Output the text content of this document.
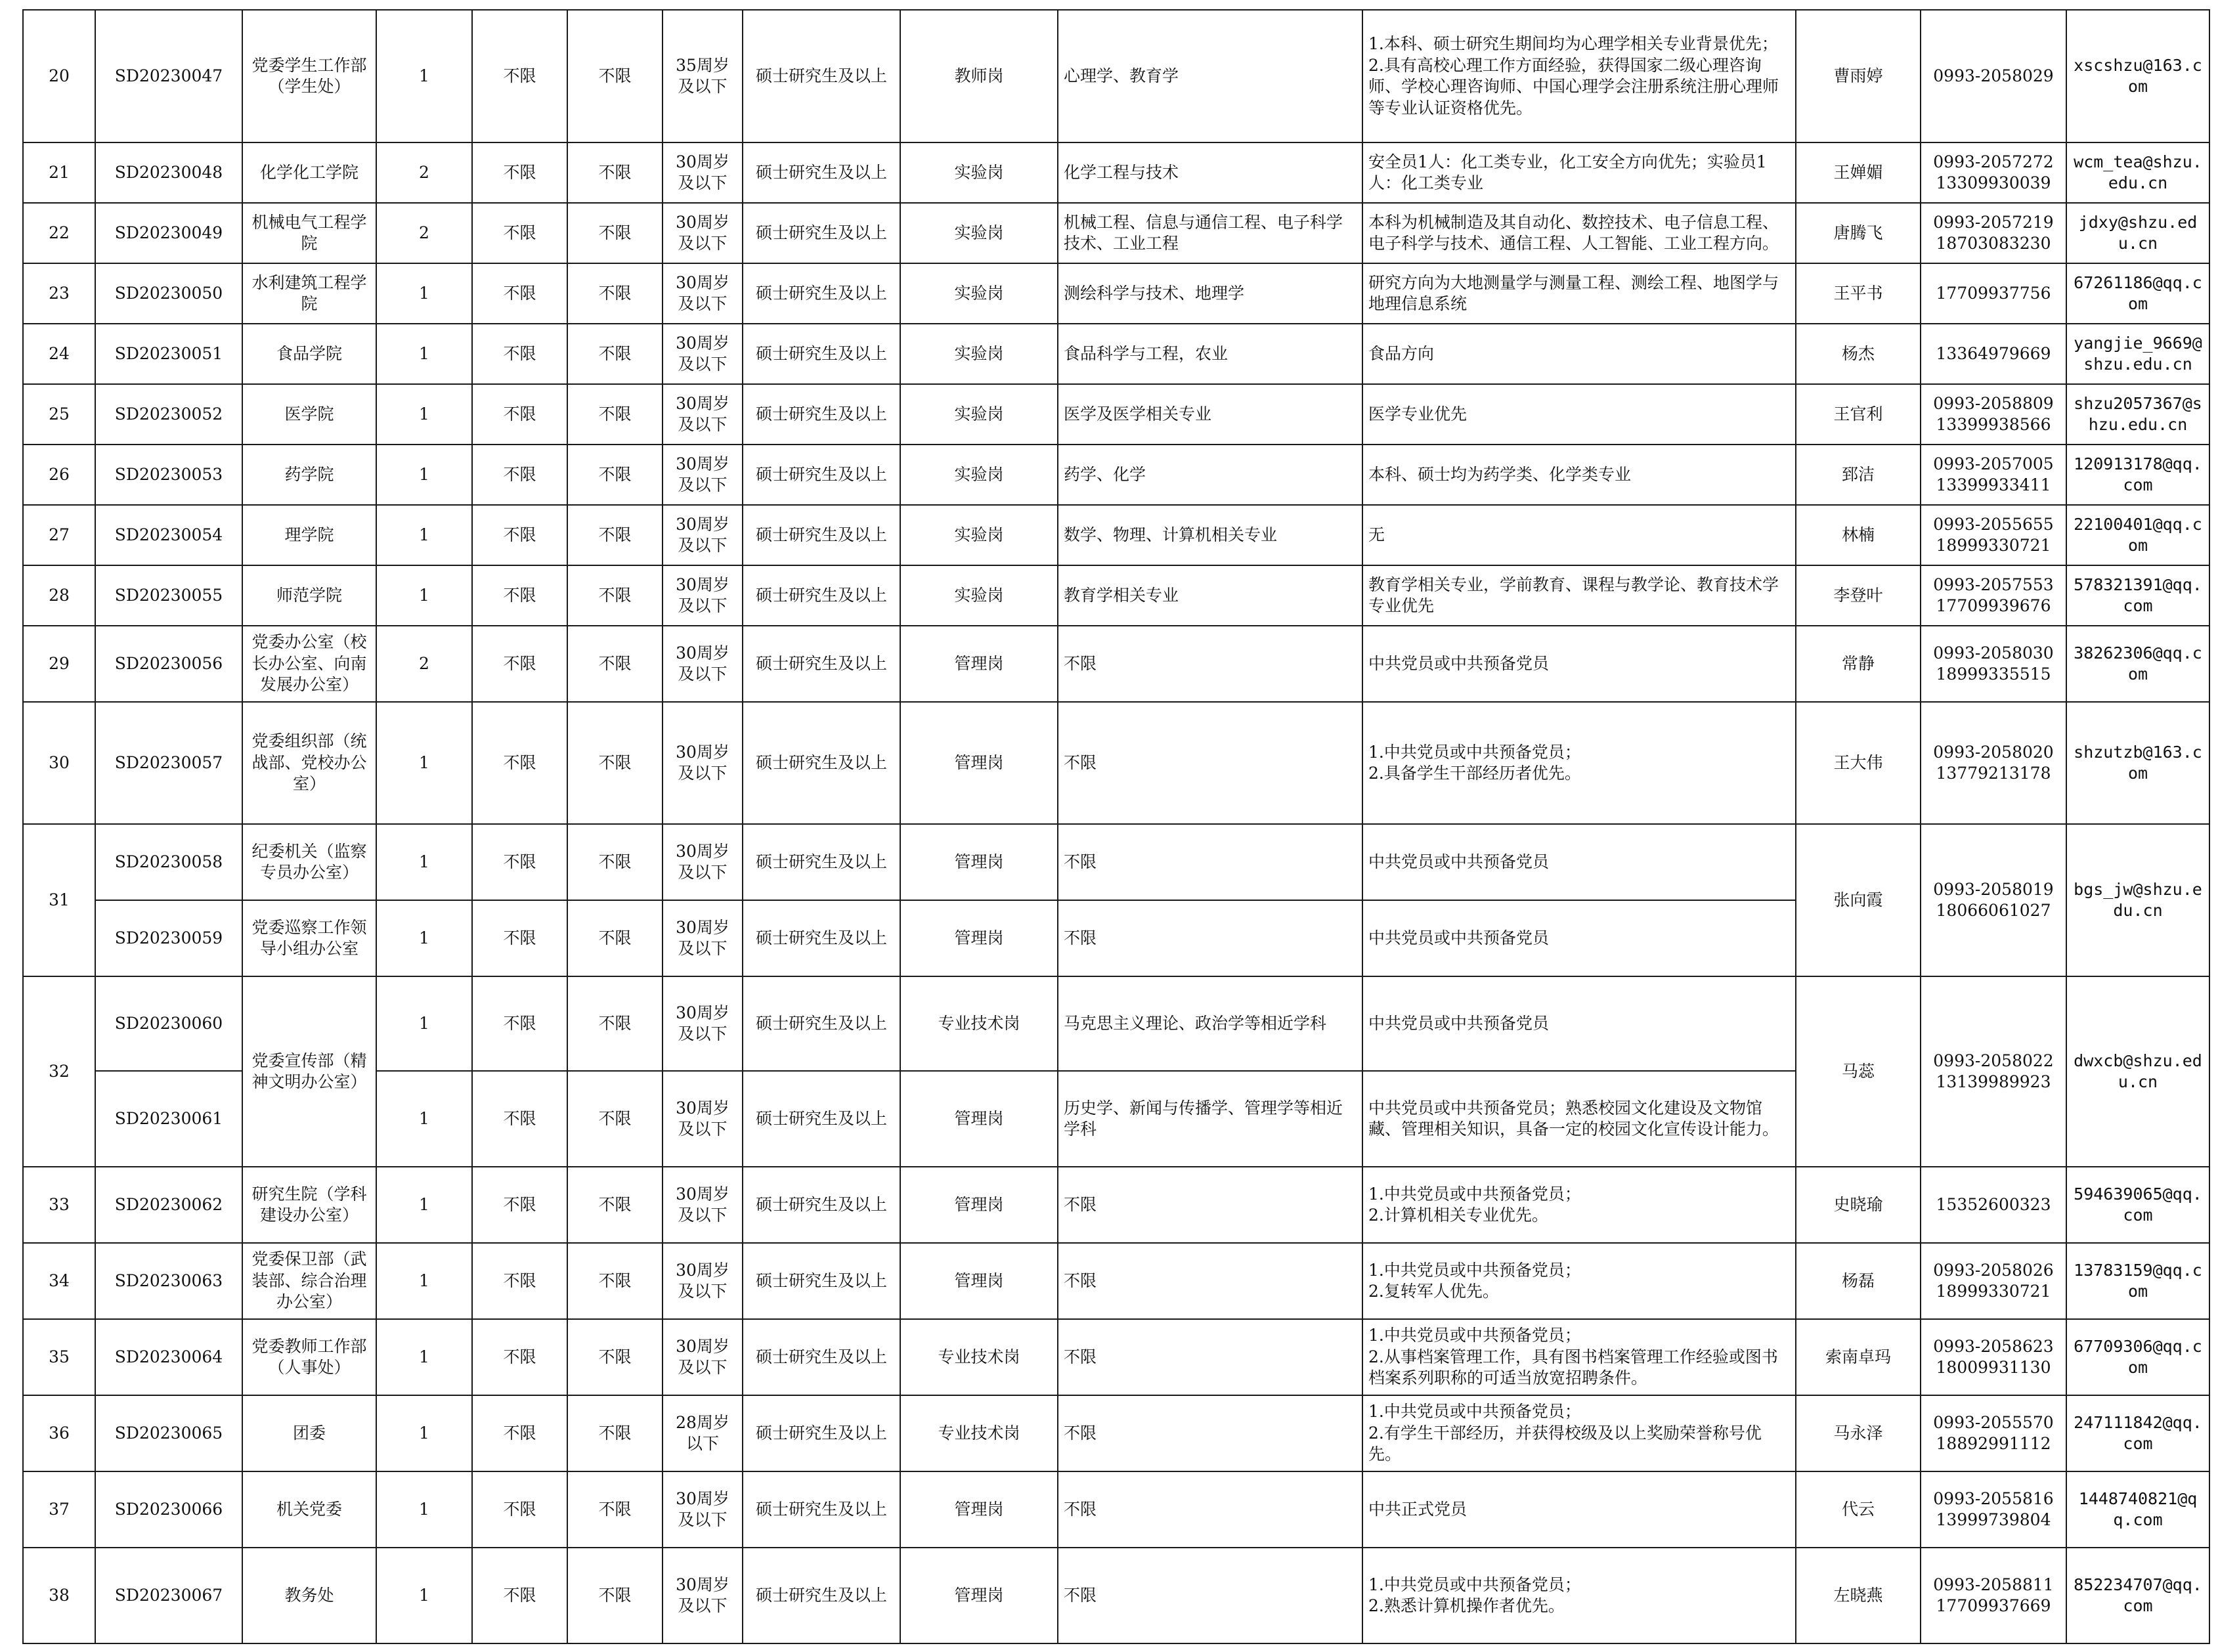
20	SD20230047	党委学生工作部（学生处）	1	不限	不限	35周岁及以下	硕士研究生及以上	教师岗	心理学、教育学	1.本科、硕士研究生期间均为心理学相关专业背景优先；
2.具有高校心理工作方面经验，获得国家二级心理咨询师、学校心理咨询师、中国心理学会注册系统注册心理师等专业认证资格优先。	曹雨婷	0993-2058029	xscshzu@163.com
21	SD20230048	化学化工学院	2	不限	不限	30周岁及以下	硕士研究生及以上	实验岗	化学工程与技术	安全员1人：化工类专业，化工安全方向优先；实验员1人：化工类专业	王婵媚	0993-2057272
13309930039	wcm_tea@shzu.edu.cn
22	SD20230049	机械电气工程学院	2	不限	不限	30周岁及以下	硕士研究生及以上	实验岗	机械工程、信息与通信工程、电子科学技术、工业工程	本科为机械制造及其自动化、数控技术、电子信息工程、电子科学与技术、通信工程、人工智能、工业工程方向。	唐腾飞	0993-2057219
18703083230	jdxy@shzu.edu.cn
23	SD20230050	水利建筑工程学院	1	不限	不限	30周岁及以下	硕士研究生及以上	实验岗	测绘科学与技术、地理学	研究方向为大地测量学与测量工程、测绘工程、地图学与地理信息系统	王平书	17709937756	67261186@qq.com
24	SD20230051	食品学院	1	不限	不限	30周岁及以下	硕士研究生及以上	实验岗	食品科学与工程，农业	食品方向	杨杰	13364979669	yangjie_9669@shzu.edu.cn
25	SD20230052	医学院	1	不限	不限	30周岁及以下	硕士研究生及以上	实验岗	医学及医学相关专业	医学专业优先	王官利	0993-2058809
13399938566	shzu2057367@shzu.edu.cn
26	SD20230053	药学院	1	不限	不限	30周岁及以下	硕士研究生及以上	实验岗	药学、化学	本科、硕士均为药学类、化学类专业	郅洁	0993-2057005
13399933411	120913178@qq.com
27	SD20230054	理学院	1	不限	不限	30周岁及以下	硕士研究生及以上	实验岗	数学、物理、计算机相关专业	无	林楠	0993-2055655
18999330721	22100401@qq.com
28	SD20230055	师范学院	1	不限	不限	30周岁及以下	硕士研究生及以上	实验岗	教育学相关专业	教育学相关专业，学前教育、课程与教学论、教育技术学专业优先	李登叶	0993-2057553
17709939676	578321391@qq.com
29	SD20230056	党委办公室（校长办公室、向南发展办公室）	2	不限	不限	30周岁及以下	硕士研究生及以上	管理岗	不限	中共党员或中共预备党员	常静	0993-2058030
18999335515	38262306@qq.com
30	SD20230057	党委组织部（统战部、党校办公室）	1	不限	不限	30周岁及以下	硕士研究生及以上	管理岗	不限	1.中共党员或中共预备党员；
2.具备学生干部经历者优先。	王大伟	0993-2058020
13779213178	shzutzb@163.com
31	SD20230058	纪委机关（监察专员办公室）	1	不限	不限	30周岁及以下	硕士研究生及以上	管理岗	不限	中共党员或中共预备党员	张向霞	0993-2058019
18066061027	bgs_jw@shzu.edu.cn
	SD20230059	党委巡察工作领导小组办公室	1	不限	不限	30周岁及以下	硕士研究生及以上	管理岗	不限	中共党员或中共预备党员			

32	SD20230060	党委宣传部（精神文明办公室）	1	不限	不限	30周岁及以下	硕士研究生及以上	专业技术岗	马克思主义理论、政治学等相近学科	中共党员或中共预备党员	马蕊	0993-2058022
13139989923	dwxcb@shzu.edu.cn
	SD20230061		1	不限	不限	30周岁及以下	硕士研究生及以上	管理岗	历史学、新闻与传播学、管理学等相近学科	中共党员或中共预备党员；熟悉校园文化建设及文物馆藏、管理相关知识，具备一定的校园文化宣传设计能力。			

33	SD20230062	研究生院（学科建设办公室）	1	不限	不限	30周岁及以下	硕士研究生及以上	管理岗	不限	1.中共党员或中共预备党员；
2.计算机相关专业优先。	史晓瑜	15352600323	594639065@qq.com
34	SD20230063	党委保卫部（武装部、综合治理办公室）	1	不限	不限	30周岁及以下	硕士研究生及以上	管理岗	不限	1.中共党员或中共预备党员；
2.复转军人优先。	杨磊	0993-2058026
18999330721	13783159@qq.com
35	SD20230064	党委教师工作部（人事处）	1	不限	不限	30周岁及以下	硕士研究生及以上	专业技术岗	不限	1.中共党员或中共预备党员；
2.从事档案管理工作，具有图书档案管理工作经验或图书档案系列职称的可适当放宽招聘条件。	索南卓玛	0993-2058623
18009931130	67709306@qq.com
36	SD20230065	团委	1	不限	不限	28周岁以下	硕士研究生及以上	专业技术岗	不限	1.中共党员或中共预备党员；
2.有学生干部经历，并获得校级及以上奖励荣誉称号优先。	马永泽	0993-2055570
18892991112	247111842@qq.com
37	SD20230066	机关党委	1	不限	不限	30周岁及以下	硕士研究生及以上	管理岗	不限	中共正式党员	代云	0993-2055816
13999739804	1448740821@qq.com
38	SD20230067	教务处	1	不限	不限	30周岁及以下	硕士研究生及以上	管理岗	不限	1.中共党员或中共预备党员；
2.熟悉计算机操作者优先。	左晓燕	0993-2058811
17709937669	852234707@qq.com
